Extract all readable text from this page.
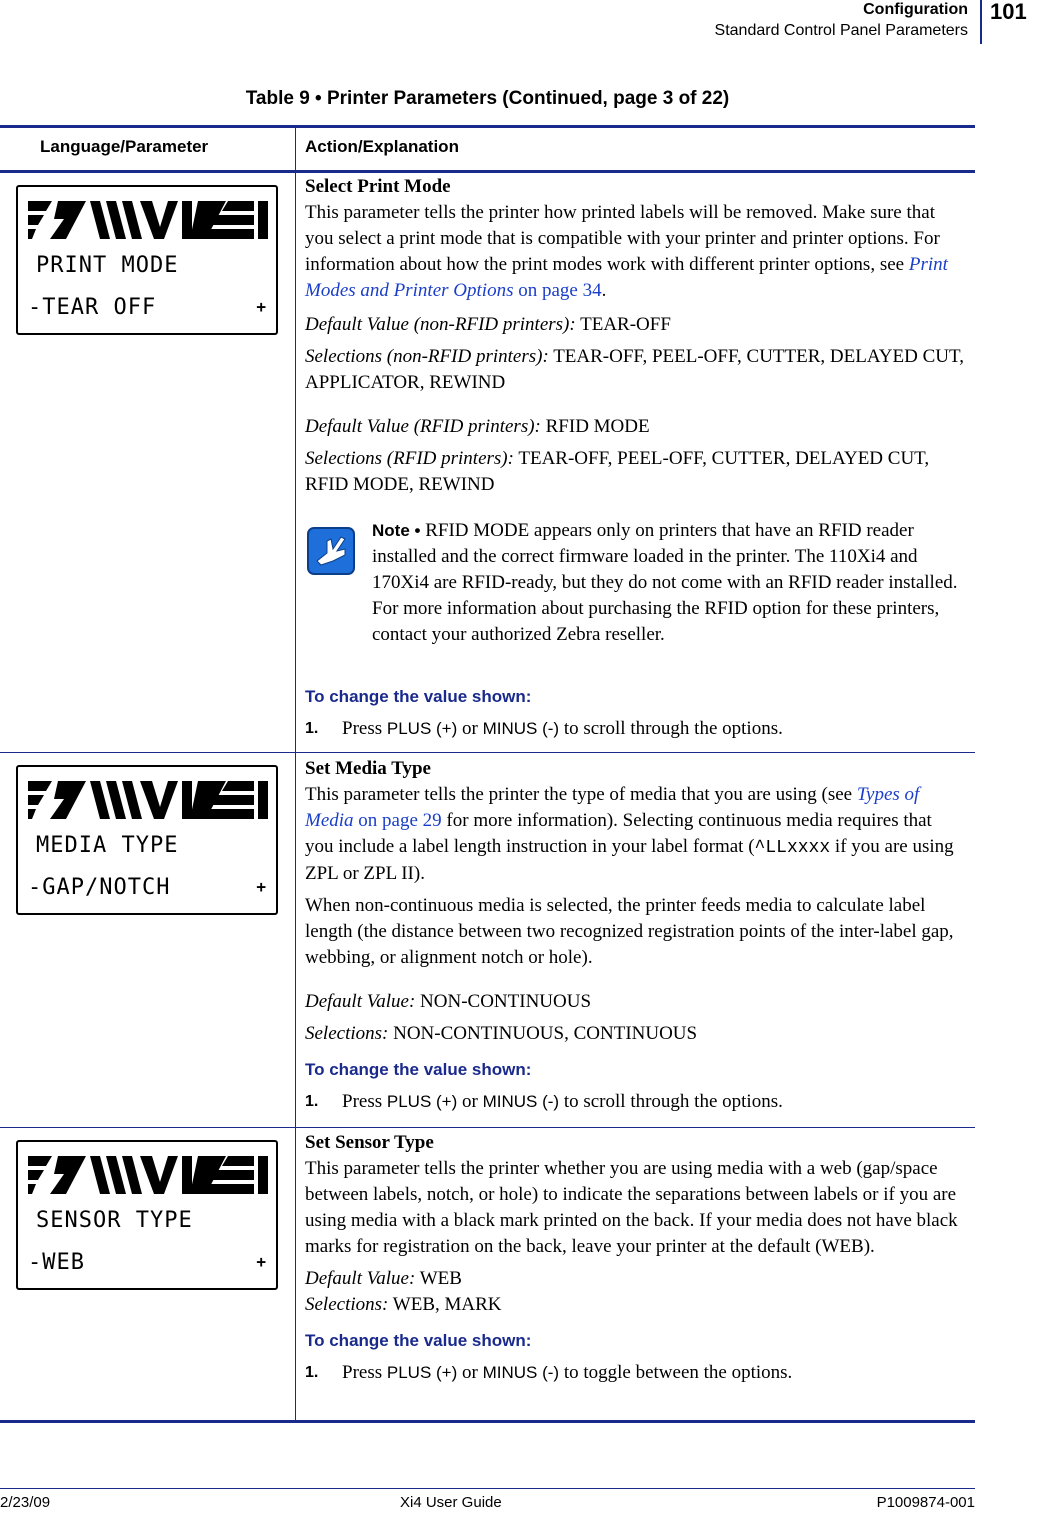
Configuration
Standard Control Panel Parameters
101
Table 9 • Printer Parameters (Continued, page 3 of 22)
Language/Parameter	Action/Explanation
PRINT MODE
-TEAR OFF	+

Select Print Mode

This parameter tells the printer how printed labels will be removed. Make sure that you select a print mode that is compatible with your printer and printer options. For information about how the print modes work with different printer options, see Print Modes and Printer Options on page 34.

Default Value (non-RFID printers): TEAR-OFF

Selections (non-RFID printers): TEAR-OFF, PEEL-OFF, CUTTER, DELAYED CUT, APPLICATOR, REWIND

Default Value (RFID printers): RFID MODE

Selections (RFID printers): TEAR-OFF, PEEL-OFF, CUTTER, DELAYED CUT, RFID MODE, REWIND

Note • RFID MODE appears only on printers that have an RFID reader installed and the correct firmware loaded in the printer. The 110Xi4 and 170Xi4 are RFID-ready, but they do not come with an RFID reader installed. For more information about purchasing the RFID option for these printers, contact your authorized Zebra reseller.

To change the value shown:

1. Press PLUS (+) or MINUS (-) to scroll through the options.

MEDIA TYPE
-GAP/NOTCH	+

Set Media Type

This parameter tells the printer the type of media that you are using (see Types of Media on page 29 for more information). Selecting continuous media requires that you include a label length instruction in your label format (^LLxxxx if you are using ZPL or ZPL II).

When non-continuous media is selected, the printer feeds media to calculate label length (the distance between two recognized registration points of the inter-label gap, webbing, or alignment notch or hole).

Default Value: NON-CONTINUOUS

Selections: NON-CONTINUOUS, CONTINUOUS

To change the value shown:

1. Press PLUS (+) or MINUS (-) to scroll through the options.

SENSOR TYPE
-WEB	+

Set Sensor Type

This parameter tells the printer whether you are using media with a web (gap/space between labels, notch, or hole) to indicate the separations between labels or if you are using media with a black mark printed on the back. If your media does not have black marks for registration on the back, leave your printer at the default (WEB).

Default Value: WEB

Selections: WEB, MARK

To change the value shown:

1. Press PLUS (+) or MINUS (-) to toggle between the options.

2/23/09	Xi4 User Guide	P1009874-001
